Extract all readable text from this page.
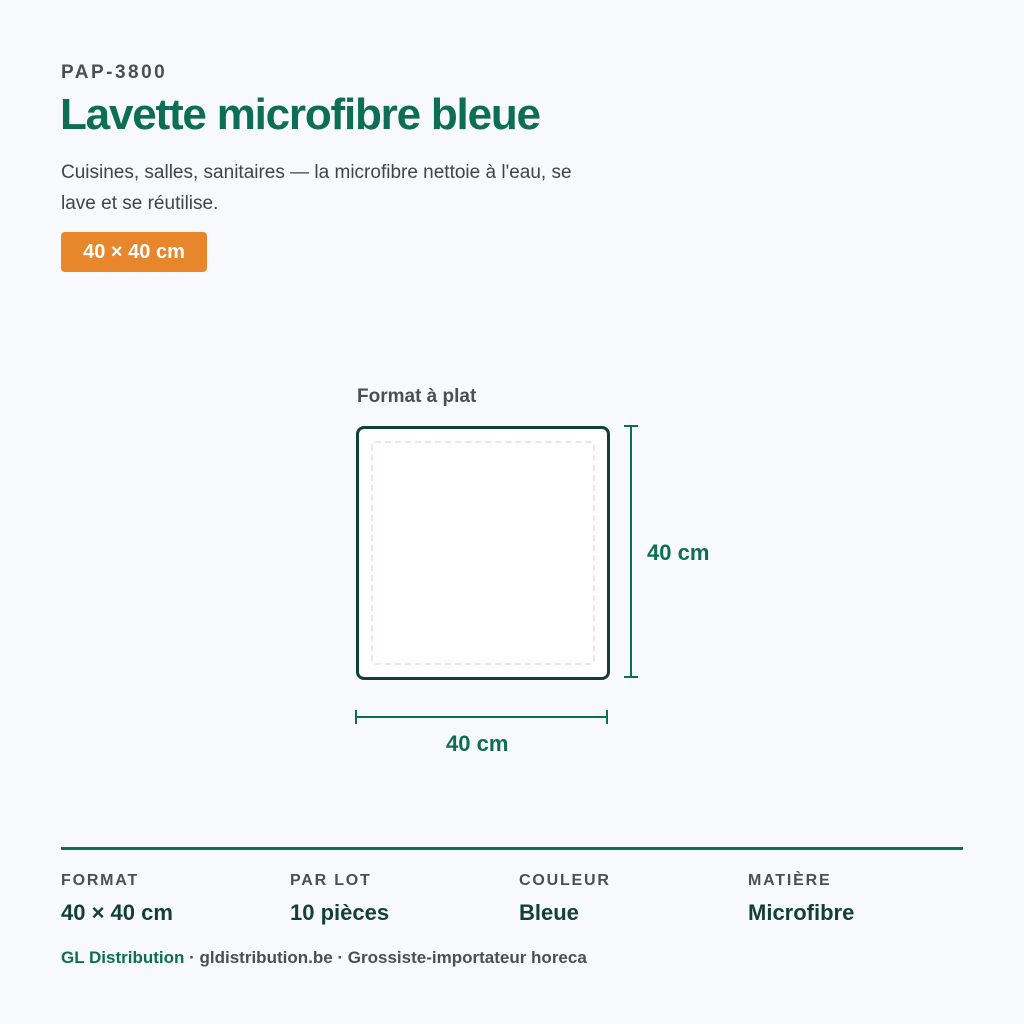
PAP-3800
Lavette microfibre bleue
Cuisines, salles, sanitaires — la microfibre nettoie à l'eau, se lave et se réutilise.
40 × 40 cm
Format à plat
40 cm
40 cm
FORMAT
40 × 40 cm
PAR LOT
10 pièces
COULEUR
Bleue
MATIÈRE
Microfibre
GL Distribution · gldistribution.be · Grossiste-importateur horeca
